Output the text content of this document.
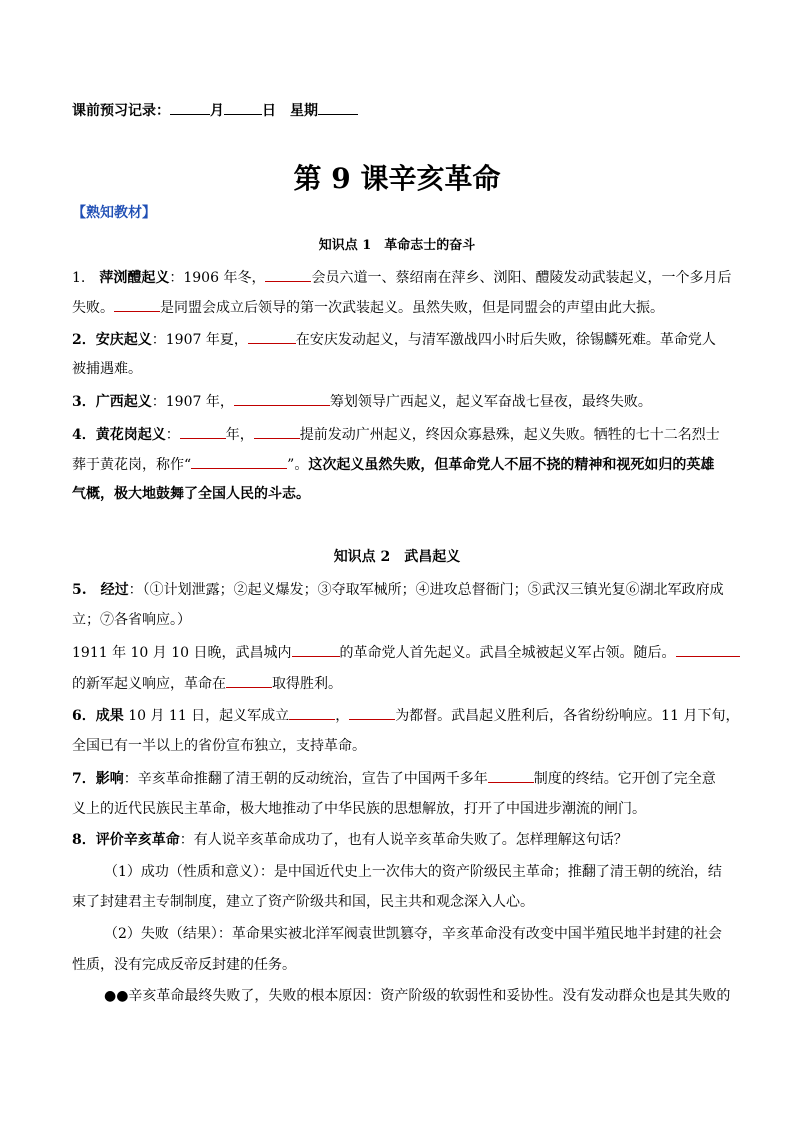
课前预习记录：	月	日　 星期
第 9 课辛亥革命
【熟知教材】
知识点 1　革命志士的奋斗
1.　 萍浏醴起义：1906 年冬，	会员六道一、蔡绍南在萍乡、浏阳、醴陵发动武装起义，一个多月后
失败。	是同盟会成立后领导的第一次武装起义。虽然失败，但是同盟会的声望由此大振。
2．安庆起义：1907 年夏，	在安庆发动起义，与清军激战四小时后失败，徐锡麟死难。革命党人
被捕遇难。
3．广西起义：1907 年，	筹划领导广西起义，起义军奋战七昼夜，最终失败。
4．黄花岗起义：	年，	提前发动广州起义，终因众寡悬殊，起义失败。牺牲的七十二名烈士
葬于黄花岗，称作“	”。这次起义虽然失败，但革命党人不屈不挠的精神和视死如归的英雄
气概，极大地鼓舞了全国人民的斗志。
知识点 2　武昌起义
5.　 经过：（①计划泄露；②起义爆发；③夺取军械所；④进攻总督衙门；⑤武汉三镇光复⑥湖北军政府成
立；⑦各省响应。）
1911 年 10 月 10 日晚，武昌城内	的革命党人首先起义。武昌全城被起义军占领。随后。
的新军起义响应，革命在	取得胜利。
6．成果 10 月 11 日，起义军成立	，	为都督。武昌起义胜利后，各省纷纷响应。11 月下旬，
全国已有一半以上的省份宣布独立，支持革命。
7．影响：辛亥革命推翻了清王朝的反动统治，宣告了中国两千多年	制度的终结。它开创了完全意
义上的近代民族民主革命，极大地推动了中华民族的思想解放，打开了中国进步潮流的闸门。
8．评价辛亥革命：有人说辛亥革命成功了，也有人说辛亥革命失败了。怎样理解这句话？
（1）成功（性质和意义）：是中国近代史上一次伟大的资产阶级民主革命；推翻了清王朝的统治，结
束了封建君主专制制度，建立了资产阶级共和国，民主共和观念深入人心。
（2）失败（结果）：革命果实被北洋军阀袁世凯篡夺，辛亥革命没有改变中国半殖民地半封建的社会
性质，没有完成反帝反封建的任务。
●●辛亥革命最终失败了，失败的根本原因：资产阶级的软弱性和妥协性。没有发动群众也是其失败的
